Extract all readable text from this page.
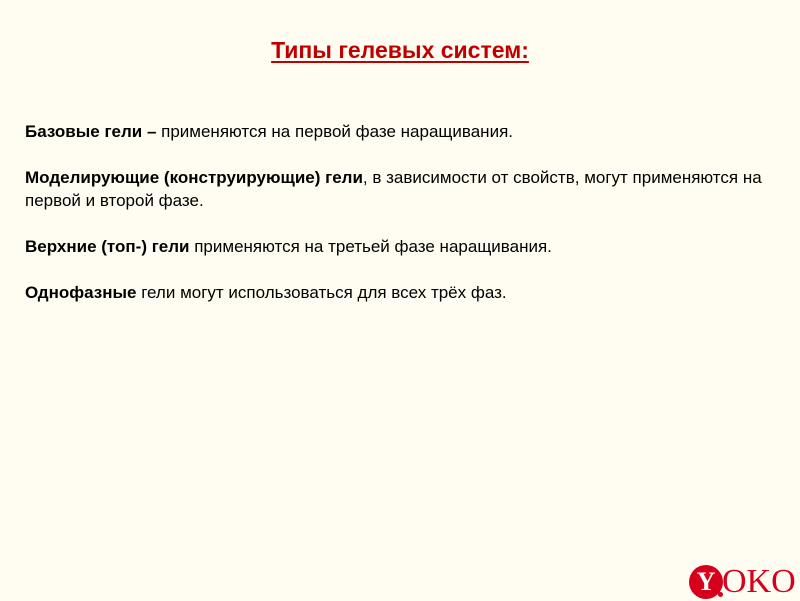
Типы гелевых систем:

Базовые гели – применяются на первой фазе наращивания.

Моделирующие (конструирующие) гели, в зависимости от свойств, могут применяются на первой и второй фазе.

Верхние (топ-) гели применяются на третьей фазе наращивания.

Однофазные гели могут использоваться для всех трёх фаз.

Y OKO
